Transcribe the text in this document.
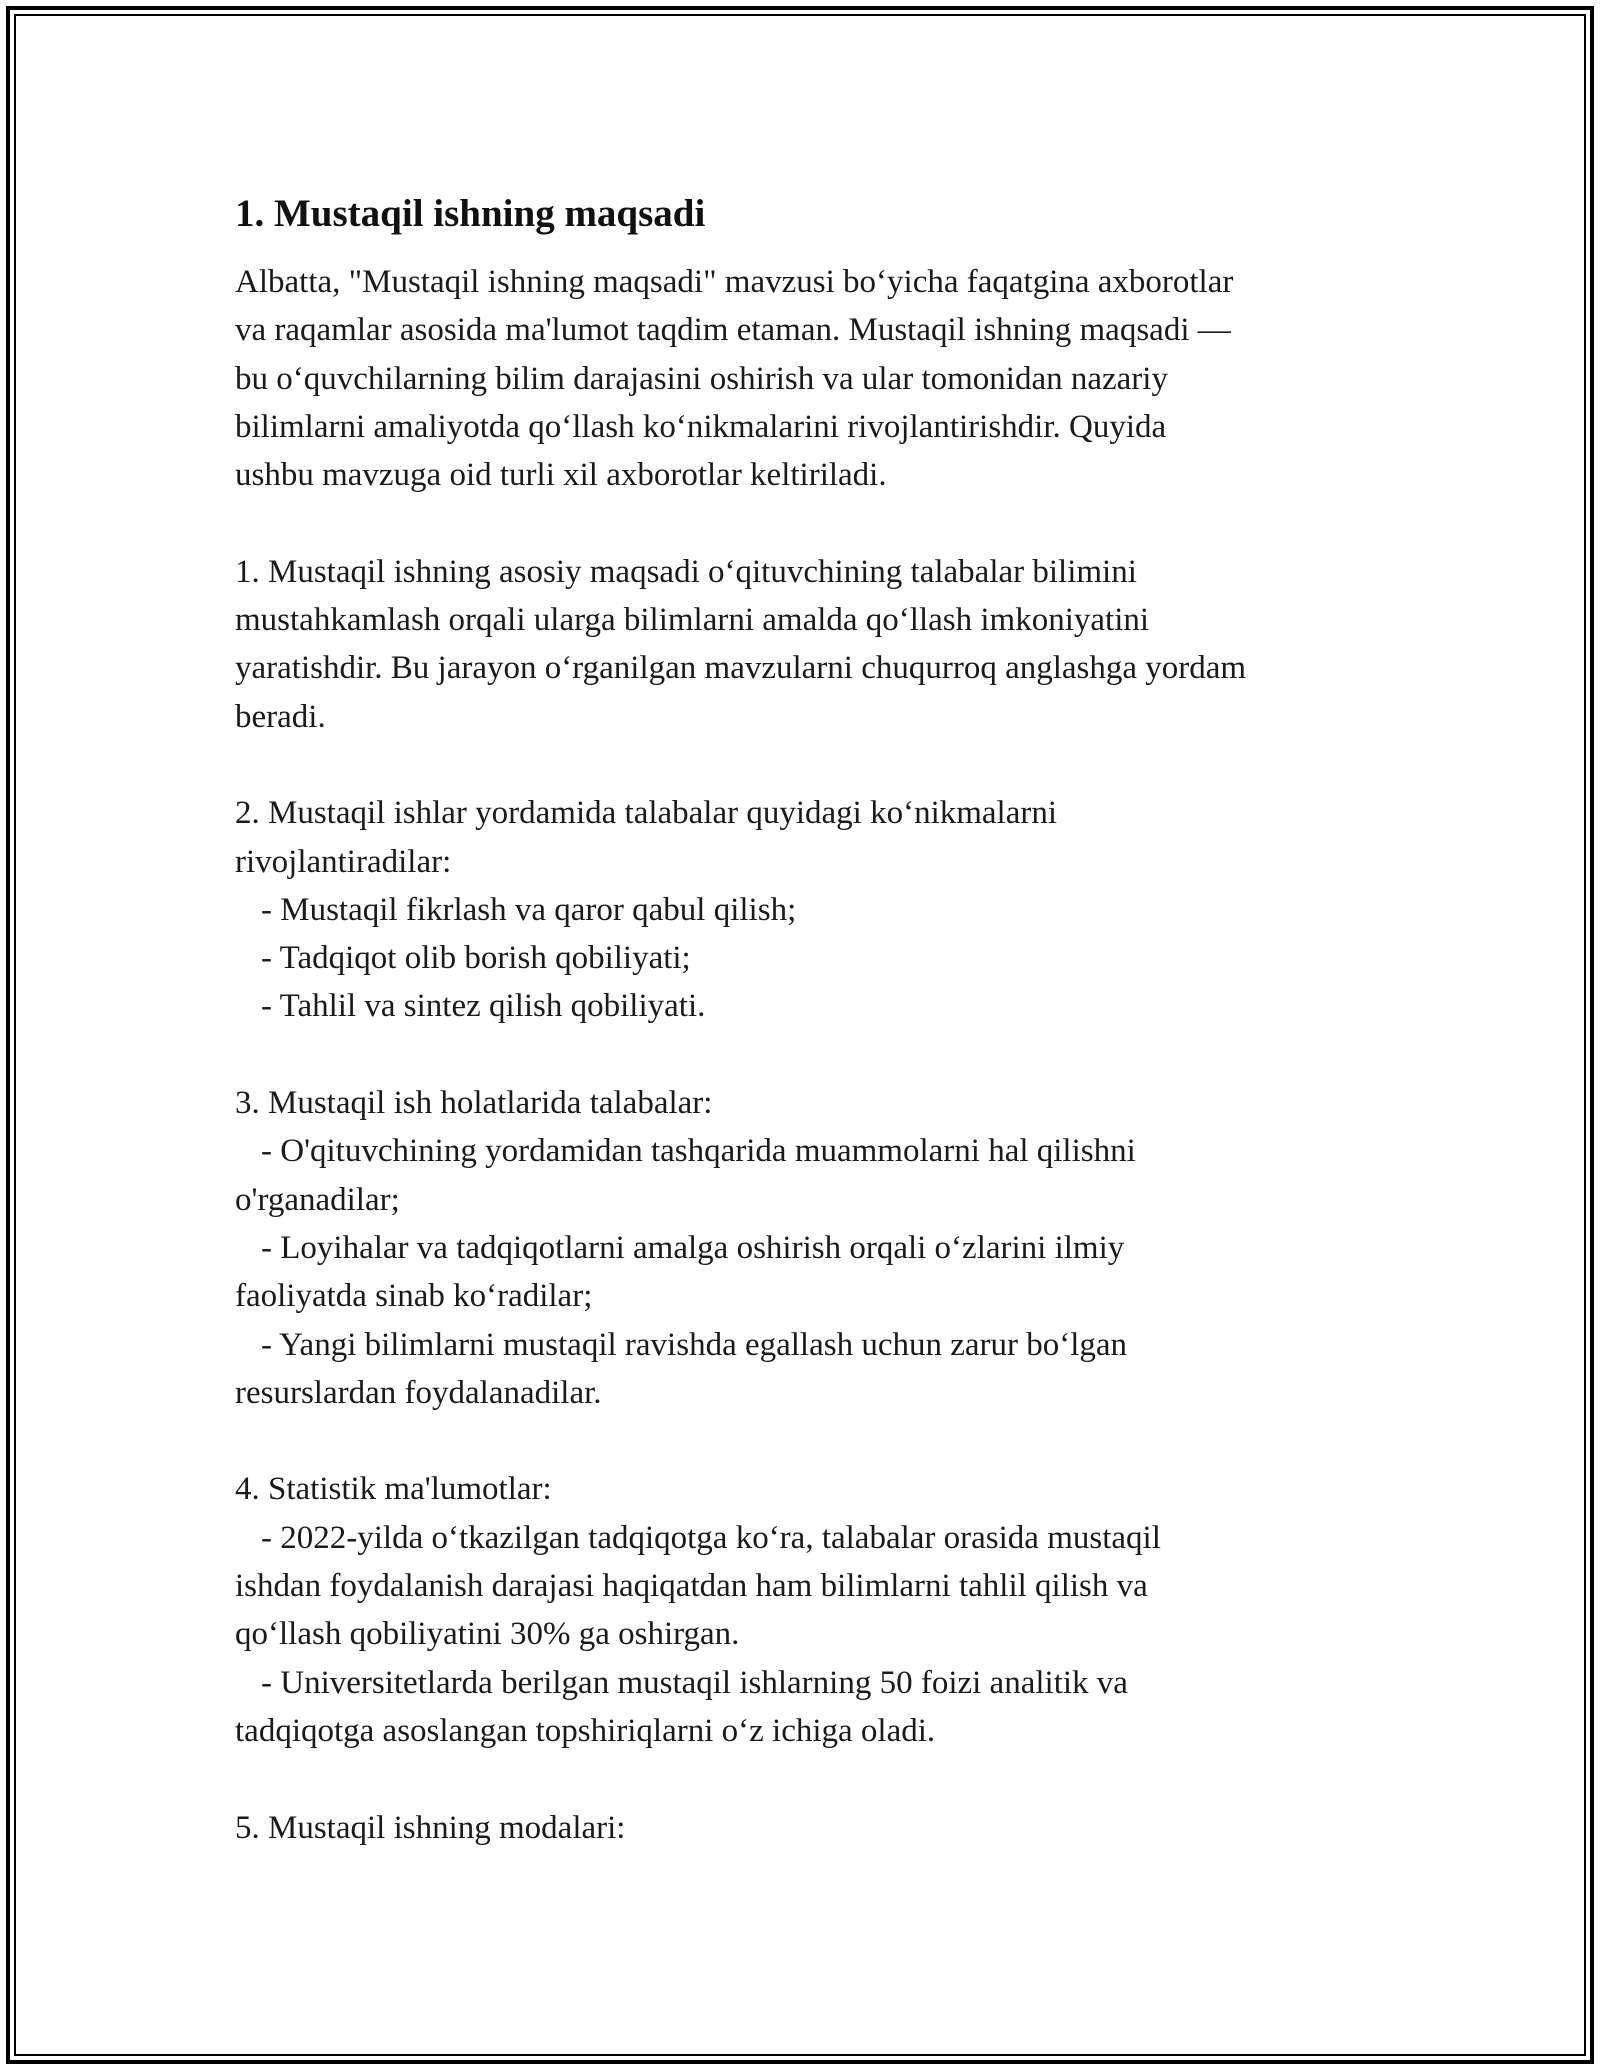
1. Mustaqil ishning maqsadi
Albatta, "Mustaqil ishning maqsadi" mavzusi bo‘yicha faqatgina axborotlar
va raqamlar asosida ma'lumot taqdim etaman. Mustaqil ishning maqsadi —
bu o‘quvchilarning bilim darajasini oshirish va ular tomonidan nazariy
bilimlarni amaliyotda qo‘llash ko‘nikmalarini rivojlantirishdir. Quyida
ushbu mavzuga oid turli xil axborotlar keltiriladi.
1. Mustaqil ishning asosiy maqsadi o‘qituvchining talabalar bilimini
mustahkamlash orqali ularga bilimlarni amalda qo‘llash imkoniyatini
yaratishdir. Bu jarayon o‘rganilgan mavzularni chuqurroq anglashga yordam
beradi.
2. Mustaqil ishlar yordamida talabalar quyidagi ko‘nikmalarni
rivojlantiradilar:
- Mustaqil fikrlash va qaror qabul qilish;
- Tadqiqot olib borish qobiliyati;
- Tahlil va sintez qilish qobiliyati.
3. Mustaqil ish holatlarida talabalar:
- O'qituvchining yordamidan tashqarida muammolarni hal qilishni
o'rganadilar;
- Loyihalar va tadqiqotlarni amalga oshirish orqali o‘zlarini ilmiy
faoliyatda sinab ko‘radilar;
- Yangi bilimlarni mustaqil ravishda egallash uchun zarur bo‘lgan
resurslardan foydalanadilar.
4. Statistik ma'lumotlar:
- 2022-yilda o‘tkazilgan tadqiqotga ko‘ra, talabalar orasida mustaqil
ishdan foydalanish darajasi haqiqatdan ham bilimlarni tahlil qilish va
qo‘llash qobiliyatini 30% ga oshirgan.
- Universitetlarda berilgan mustaqil ishlarning 50 foizi analitik va
tadqiqotga asoslangan topshiriqlarni o‘z ichiga oladi.
5. Mustaqil ishning modalari:
